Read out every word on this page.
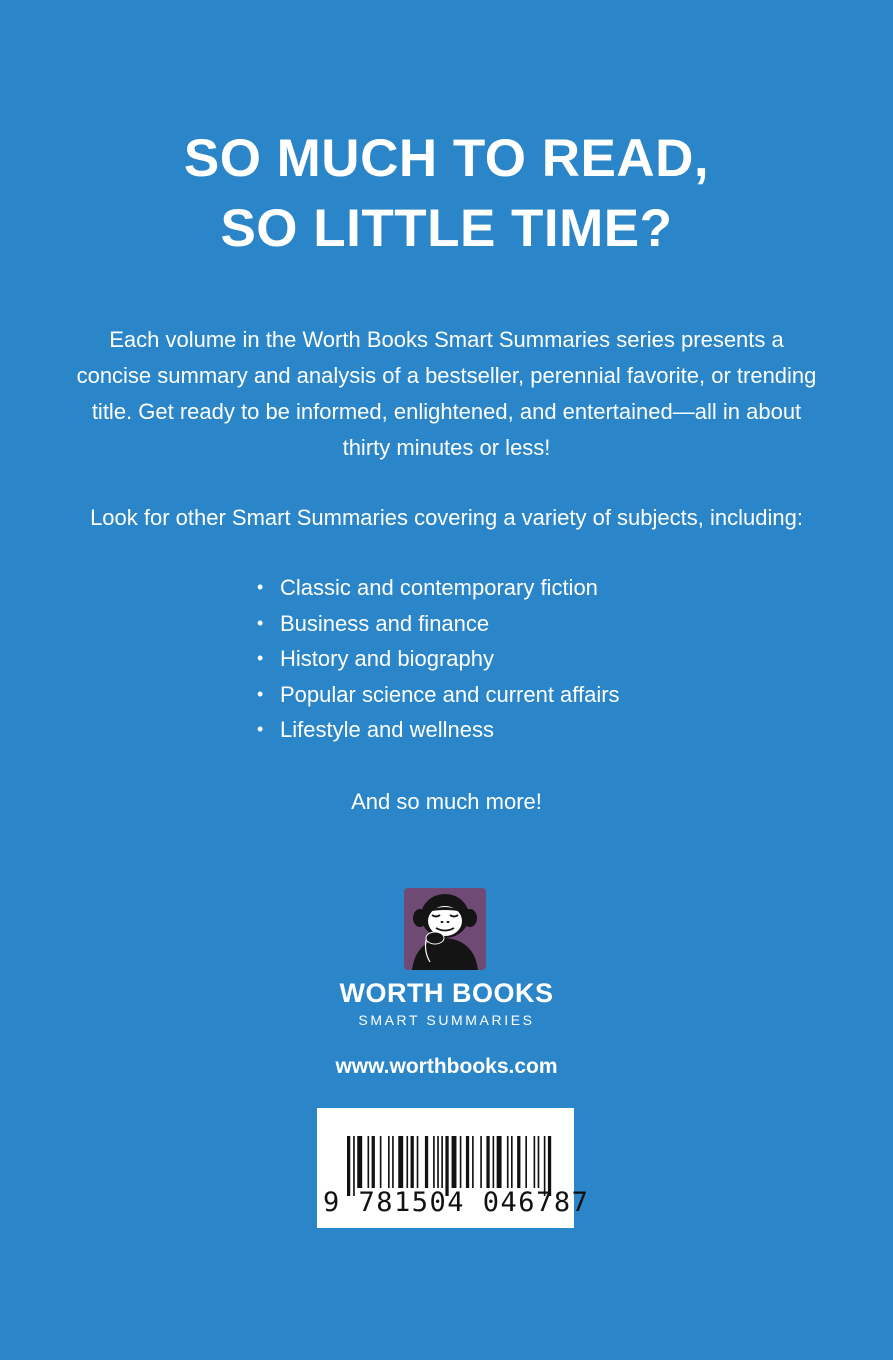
SO MUCH TO READ,
SO LITTLE TIME?
Each volume in the Worth Books Smart Summaries series presents a
concise summary and analysis of a bestseller, perennial favorite, or trending
title. Get ready to be informed, enlightened, and entertained—all in about
thirty minutes or less!
Look for other Smart Summaries covering a variety of subjects, including:
• Classic and contemporary fiction
• Business and finance
• History and biography
• Popular science and current affairs
• Lifestyle and wellness
And so much more!
WORTH BOOKS
SMART SUMMARIES
www.worthbooks.com
9 781504 046787
